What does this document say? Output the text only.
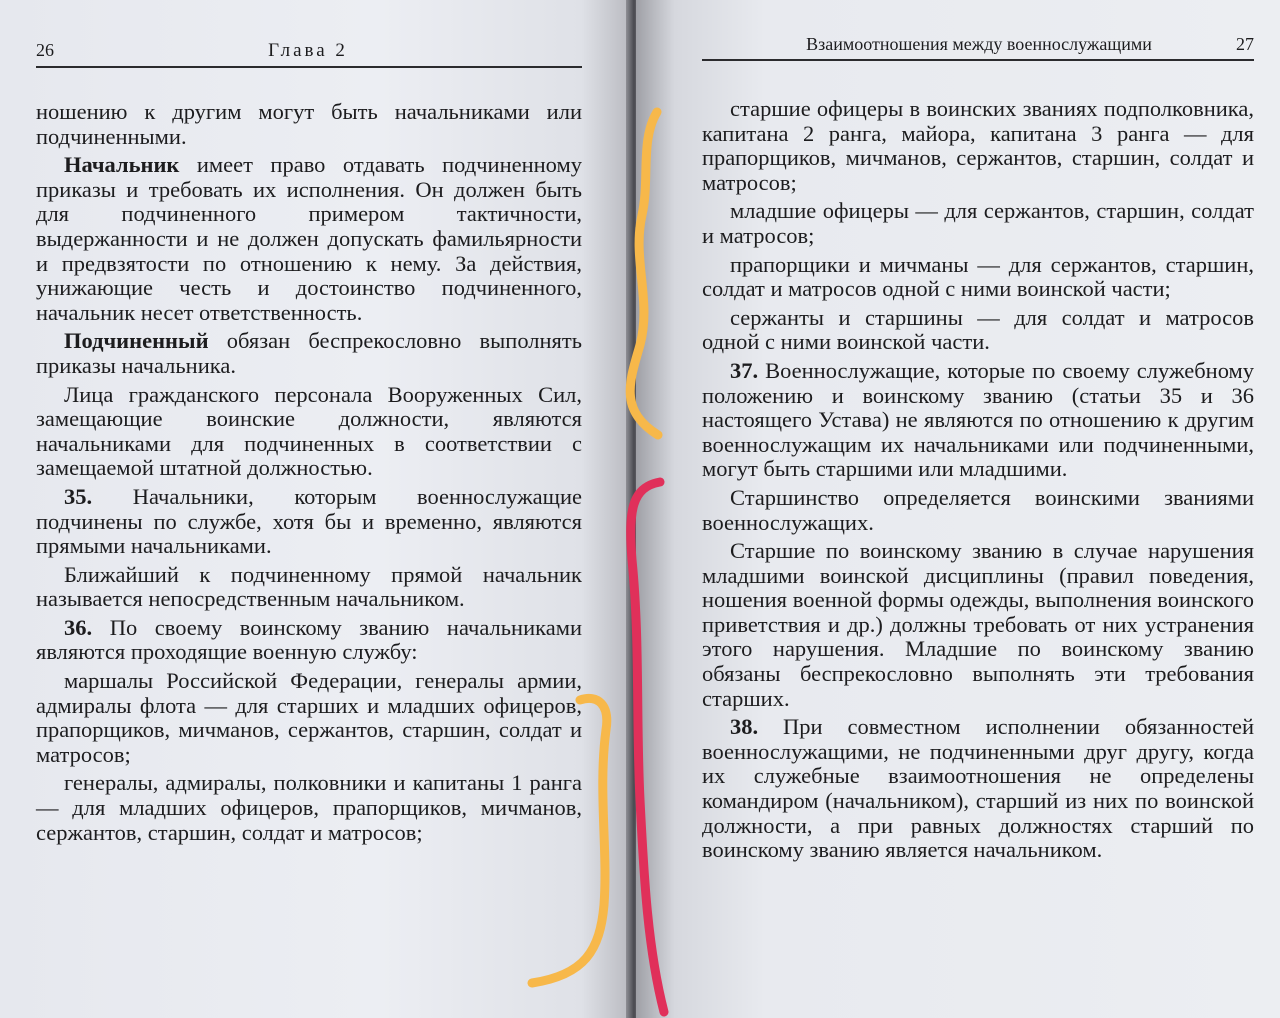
26	Глава 2

ношению к другим могут быть начальниками или подчиненными.

Начальник имеет право отдавать подчиненному приказы и требовать их исполнения. Он должен быть для подчиненного примером тактичности, выдержанности и не должен допускать фамильярности и предвзятости по отношению к нему. За действия, унижающие честь и достоинство подчиненного, начальник несет ответственность.

Подчиненный обязан беспрекословно выполнять приказы начальника.

Лица гражданского персонала Вооруженных Сил, замещающие воинские должности, являются начальниками для подчиненных в соответствии с замещаемой штатной должностью.

35. Начальники, которым военнослужащие подчинены по службе, хотя бы и временно, являются прямыми начальниками.

Ближайший к подчиненному прямой начальник называется непосредственным начальником.

36. По своему воинскому званию начальниками являются проходящие военную службу:

маршалы Российской Федерации, генералы армии, адмиралы флота — для старших и младших офицеров, прапорщиков, мичманов, сержантов, старшин, солдат и матросов;

генералы, адмиралы, полковники и капитаны 1 ранга — для младших офицеров, прапорщиков, мичманов, сержантов, старшин, солдат и матросов;

Взаимоотношения между военнослужащими	27

старшие офицеры в воинских званиях подполковника, капитана 2 ранга, майора, капитана 3 ранга — для прапорщиков, мичманов, сержантов, старшин, солдат и матросов;

младшие офицеры — для сержантов, старшин, солдат и матросов;

прапорщики и мичманы — для сержантов, старшин, солдат и матросов одной с ними воинской части;

сержанты и старшины — для солдат и матросов одной с ними воинской части.

37. Военнослужащие, которые по своему служебному положению и воинскому званию (статьи 35 и 36 настоящего Устава) не являются по отношению к другим военнослужащим их начальниками или подчиненными, могут быть старшими или младшими.

Старшинство определяется воинскими званиями военнослужащих.

Старшие по воинскому званию в случае нарушения младшими воинской дисциплины (правил поведения, ношения военной формы одежды, выполнения воинского приветствия и др.) должны требовать от них устранения этого нарушения. Младшие по воинскому званию обязаны беспрекословно выполнять эти требования старших.

38. При совместном исполнении обязанностей военнослужащими, не подчиненными друг другу, когда их служебные взаимоотношения не определены командиром (начальником), старший из них по воинской должности, а при равных должностях старший по воинскому званию является начальником.
